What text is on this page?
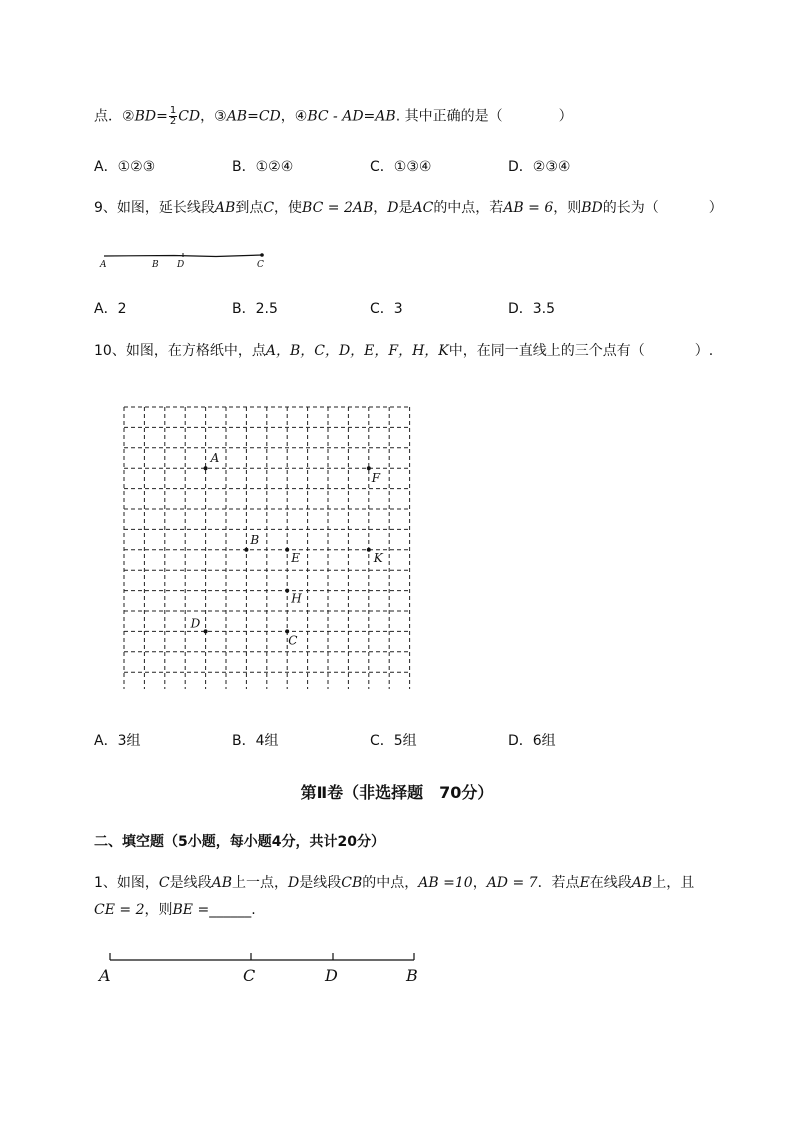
点．②BD= $\frac{1}{2}$ CD，③AB=CD，④BC - AD=AB. 其中正确的是（	）
A．①②③	B．①②④	C．①③④	D．②③④
9、如图，延长线段AB到点C，使BC = 2AB，D是AC的中点，若AB = 6，则BD的长为（	）
A	B D	C
A．2	B．2.5	C．3	D．3.5
10、如图，在方格纸中，点A，B，C，D，E，F，H，K中，在同一直线上的三个点有（	）.
A
F
B
E	K
H
D
C
A．3组	B．4组	C．5组	D．6组
第Ⅱ卷（非选择题　70分）
二、填空题（5小题，每小题4分，共计20分）
1、如图，C是线段AB上一点，D是线段CB的中点，AB =10，AD = 7．若点E在线段AB上，且
CE = 2，则BE =______.
A	C	D	B
